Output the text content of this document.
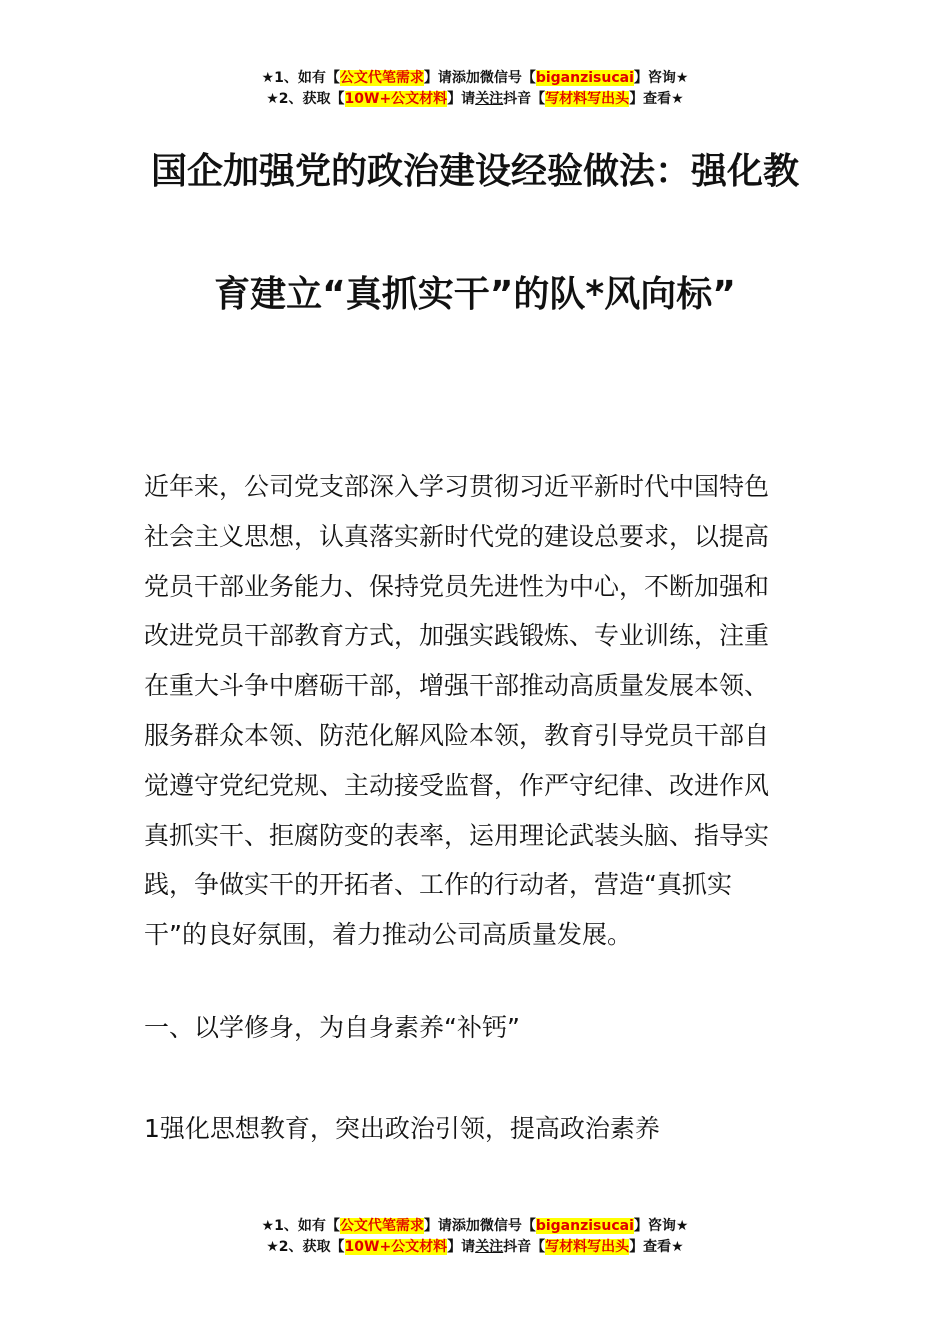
★1、如有【公文代笔需求】请添加微信号【biganzisucai】咨询★
★2、获取【10W+公文材料】请关注抖音【写材料写出头】查看★
国企加强党的政治建设经验做法：强化教
育建立“真抓实干”的队*风向标”
近年来，公司党支部深入学习贯彻习近平新时代中国特色
社会主义思想，认真落实新时代党的建设总要求，以提高
党员干部业务能力、保持党员先进性为中心，不断加强和
改进党员干部教育方式，加强实践锻炼、专业训练，注重
在重大斗争中磨砺干部，增强干部推动高质量发展本领、
服务群众本领、防范化解风险本领，教育引导党员干部自
觉遵守党纪党规、主动接受监督，作严守纪律、改进作风
真抓实干、拒腐防变的表率，运用理论武装头脑、指导实
践，争做实干的开拓者、工作的行动者，营造“真抓实
干”的良好氛围，着力推动公司高质量发展。
一、以学修身，为自身素养“补钙”
1强化思想教育，突出政治引领，提高政治素养
★1、如有【公文代笔需求】请添加微信号【biganzisucai】咨询★
★2、获取【10W+公文材料】请关注抖音【写材料写出头】查看★
